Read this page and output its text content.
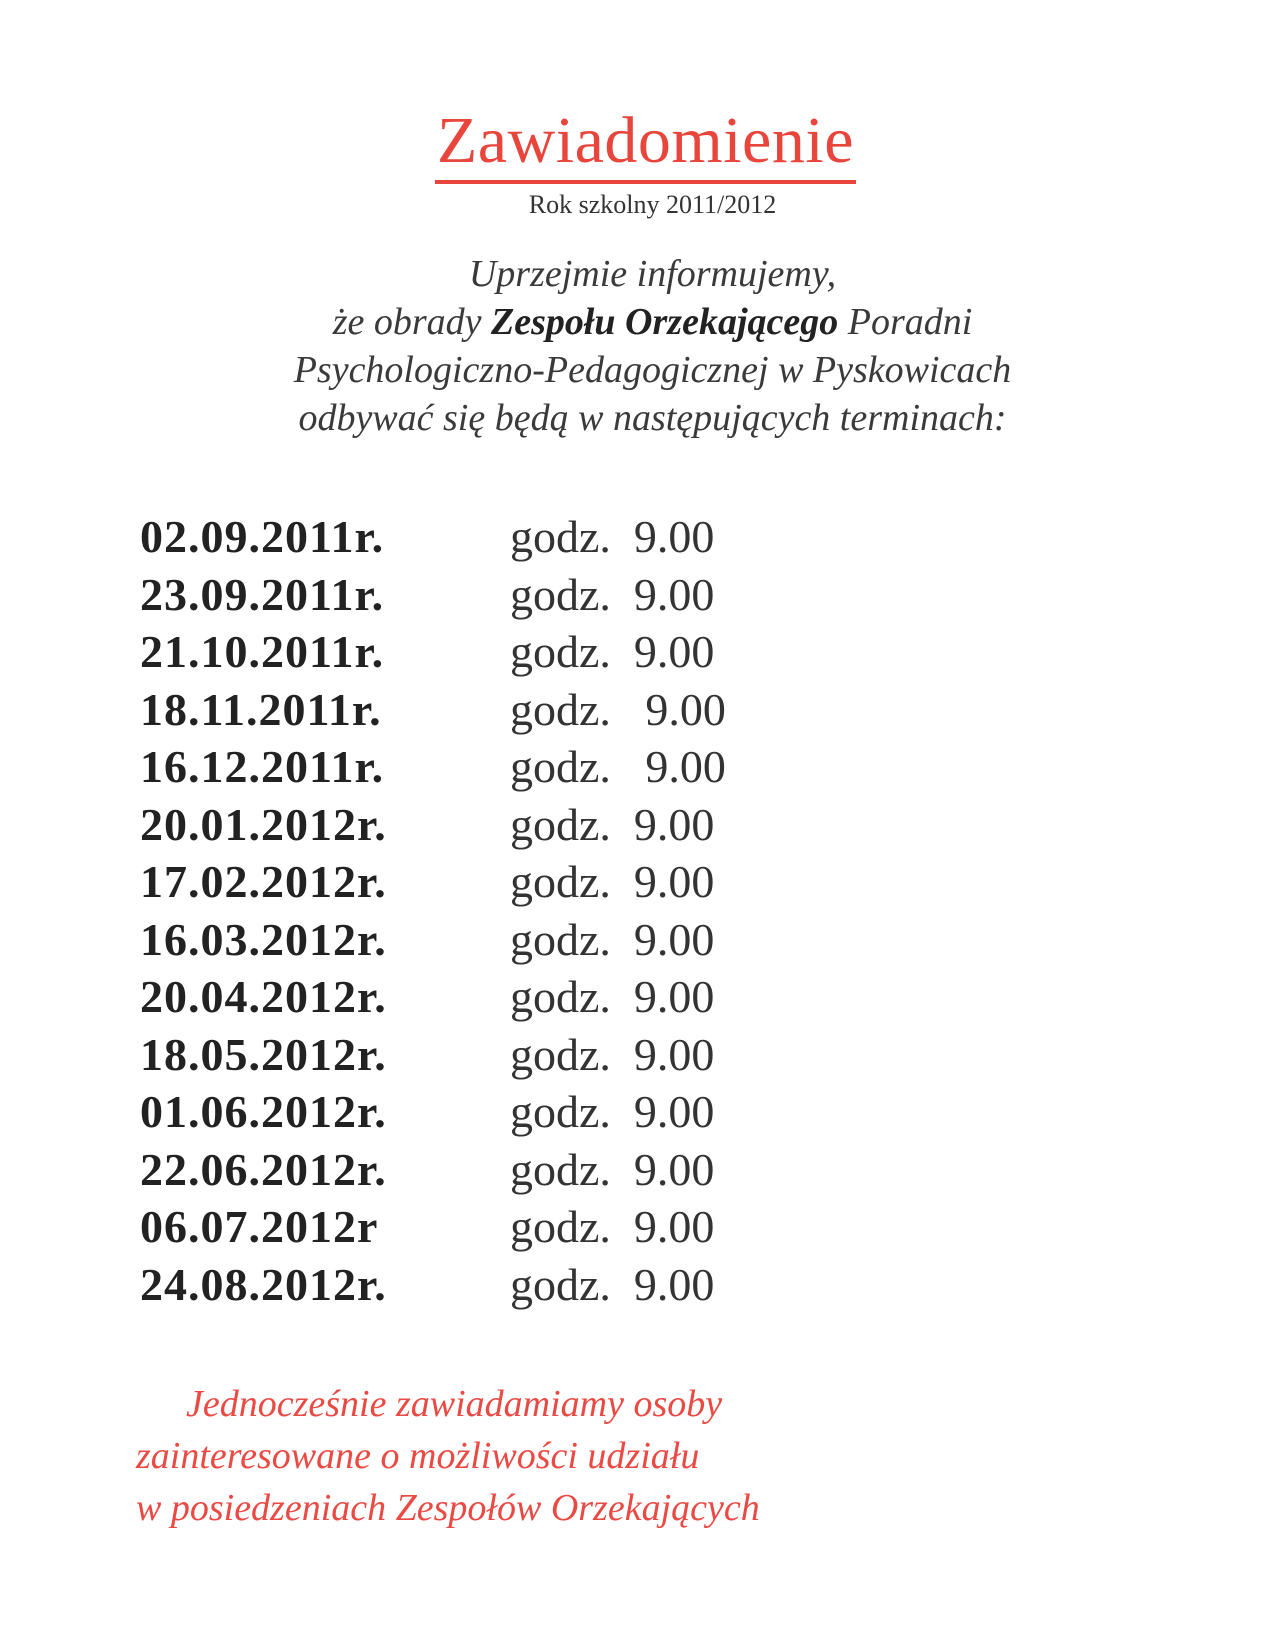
Zawiadomienie
Rok szkolny 2011/2012
Uprzejmie informujemy,
że obrady Zespołu Orzekającego Poradni
Psychologiczno-Pedagogicznej w Pyskowicach
odbywać się będą w następujących terminach:
02.09.2011r.	godz.  9.00
23.09.2011r.	godz.  9.00
21.10.2011r.	godz.  9.00
18.11.2011r.	godz.   9.00
16.12.2011r.	godz.   9.00
20.01.2012r.	godz.  9.00
17.02.2012r.	godz.  9.00
16.03.2012r.	godz.  9.00
20.04.2012r.	godz.  9.00
18.05.2012r.	godz.  9.00
01.06.2012r.	godz.  9.00
22.06.2012r.	godz.  9.00
06.07.2012r	godz.  9.00
24.08.2012r.	godz.  9.00
Jednocześnie zawiadamiamy osoby
zainteresowane o możliwości udziału
w posiedzeniach Zespołów Orzekających
